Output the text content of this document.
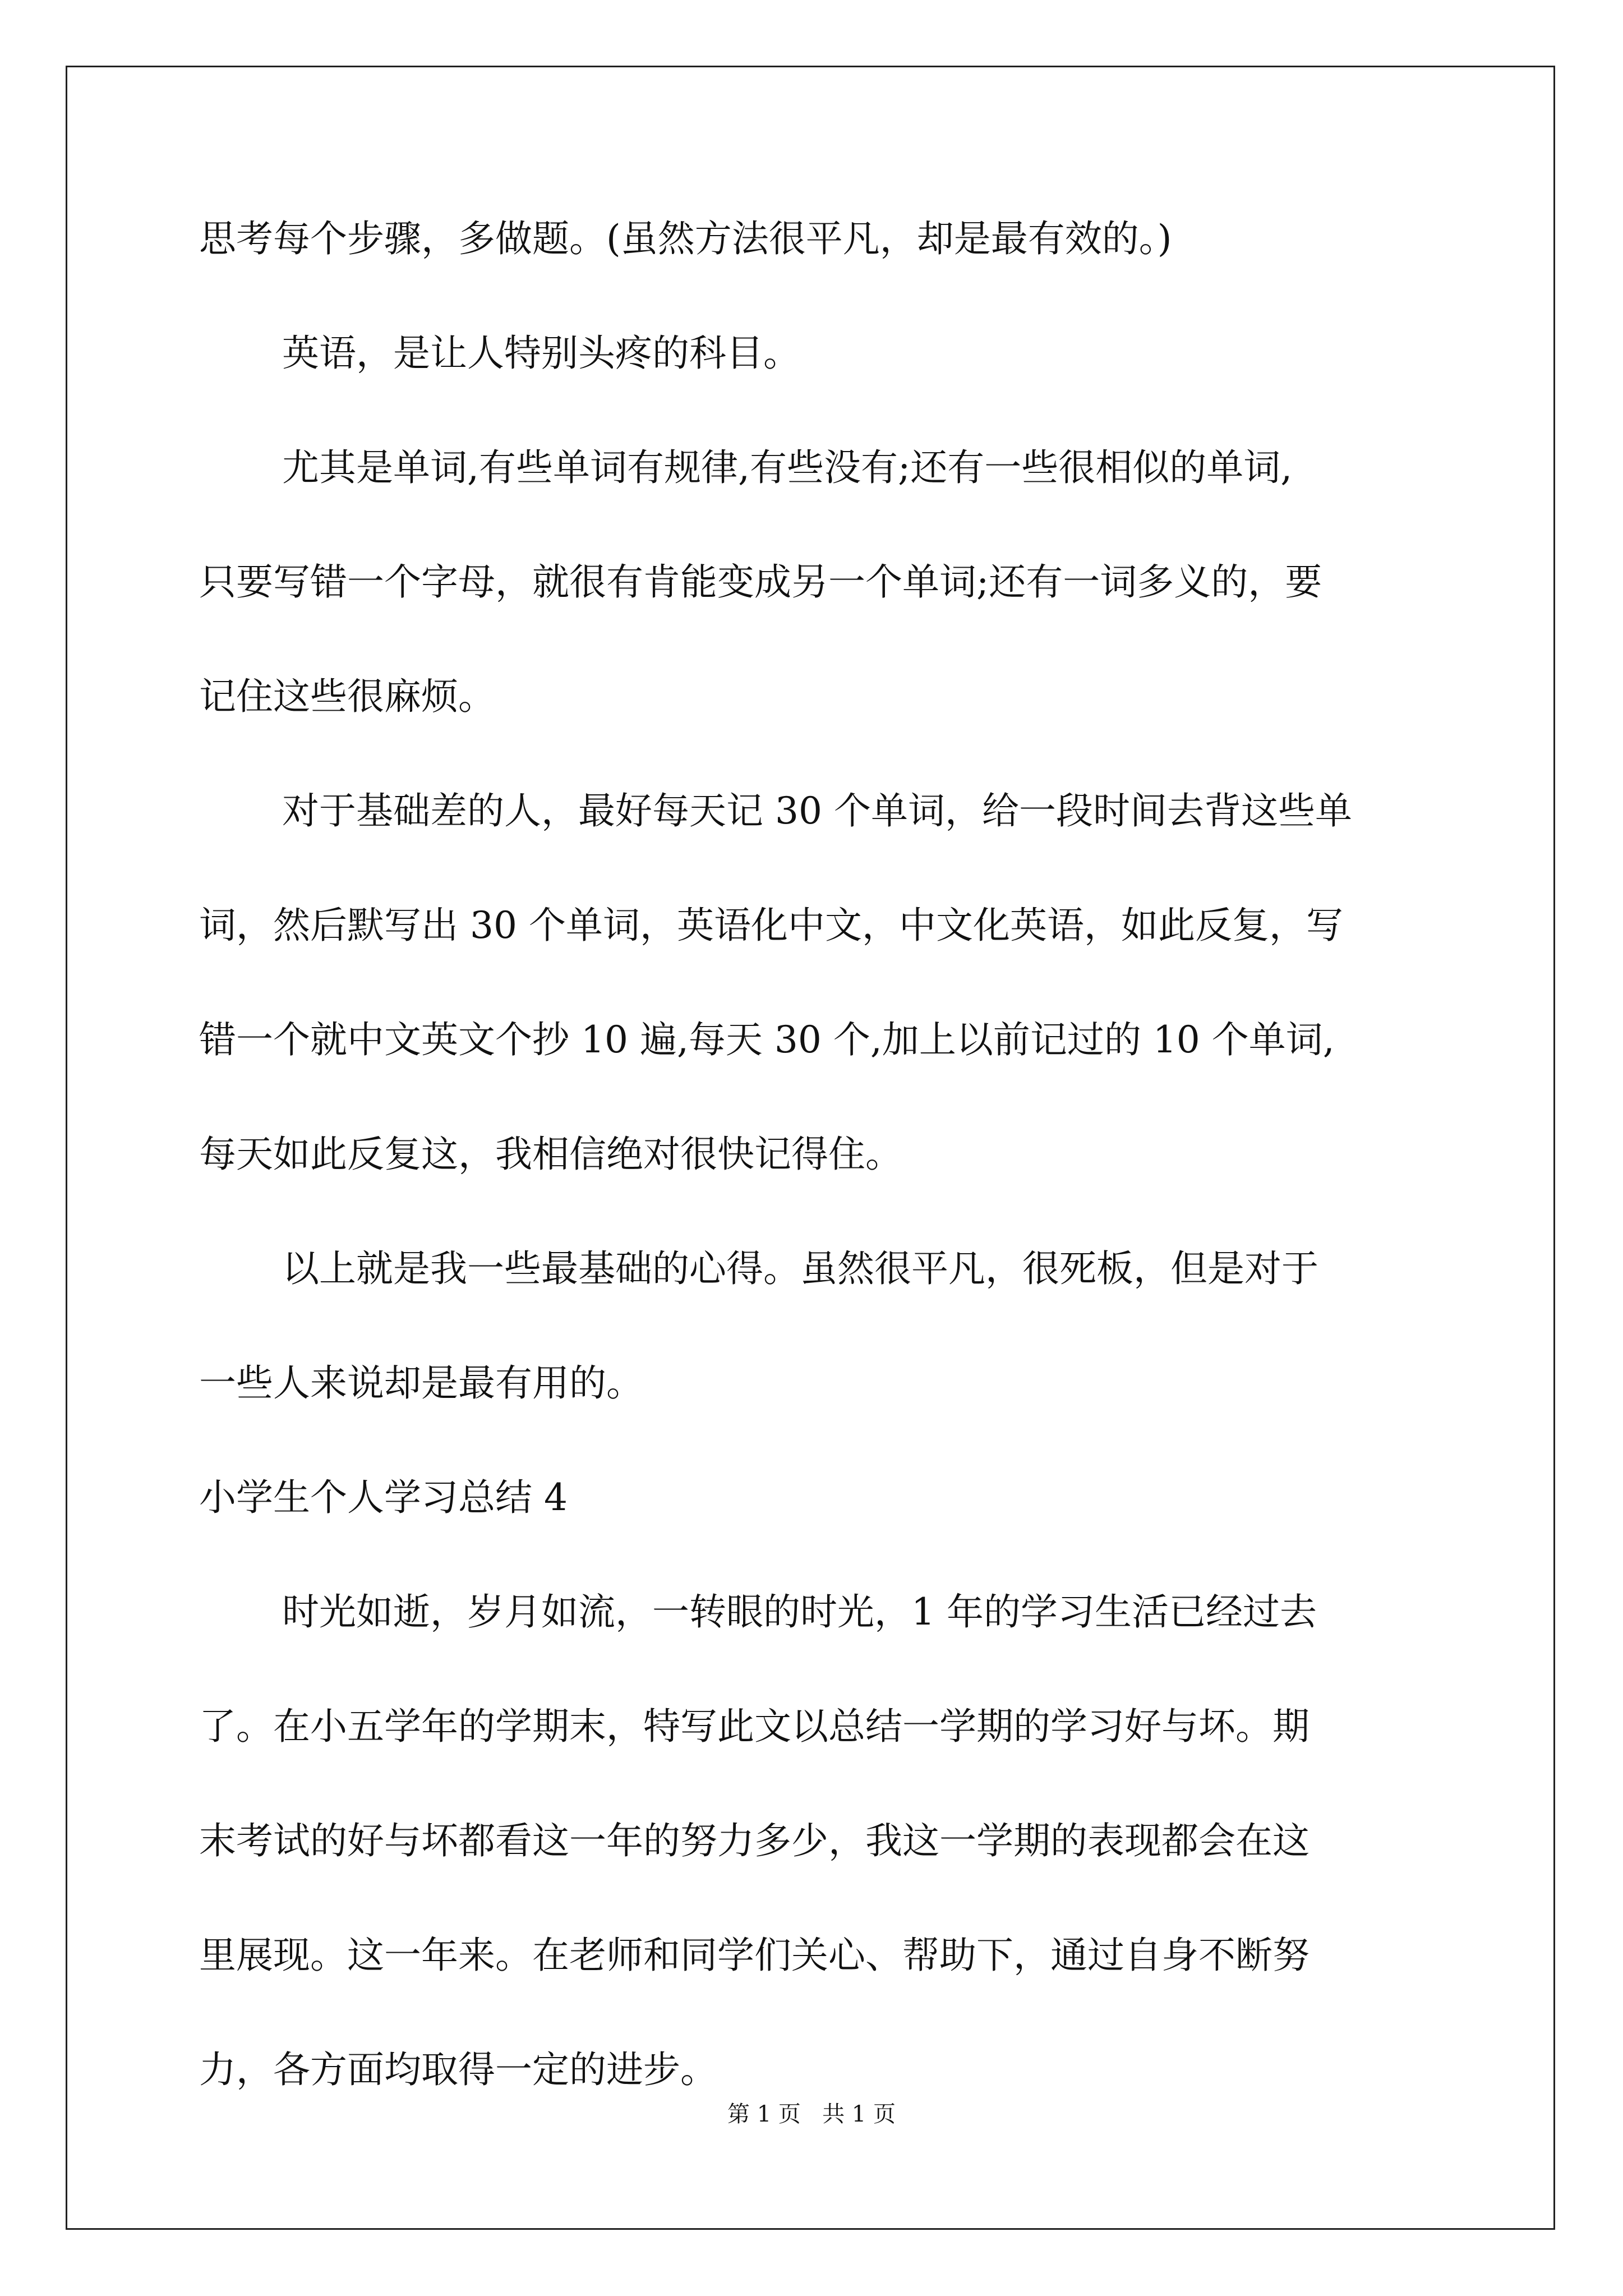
思考每个步骤，多做题。(虽然方法很平凡，却是最有效的。)
英语，是让人特别头疼的科目。
尤其是单词,有些单词有规律,有些没有;还有一些很相似的单词,
只要写错一个字母，就很有肯能变成另一个单词;还有一词多义的，要
记住这些很麻烦。
对于基础差的人，最好每天记 30 个单词，给一段时间去背这些单
词，然后默写出 30 个单词，英语化中文，中文化英语，如此反复，写
错一个就中文英文个抄 10 遍,每天 30 个,加上以前记过的 10 个单词,
每天如此反复这，我相信绝对很快记得住。
以上就是我一些最基础的心得。虽然很平凡，很死板，但是对于
一些人来说却是最有用的。
小学生个人学习总结 4
时光如逝，岁月如流，一转眼的时光，1 年的学习生活已经过去
了。在小五学年的学期末，特写此文以总结一学期的学习好与坏。期
末考试的好与坏都看这一年的努力多少，我这一学期的表现都会在这
里展现。这一年来。在老师和同学们关心、帮助下，通过自身不断努
力，各方面均取得一定的进步。
第 1 页   共 1 页
